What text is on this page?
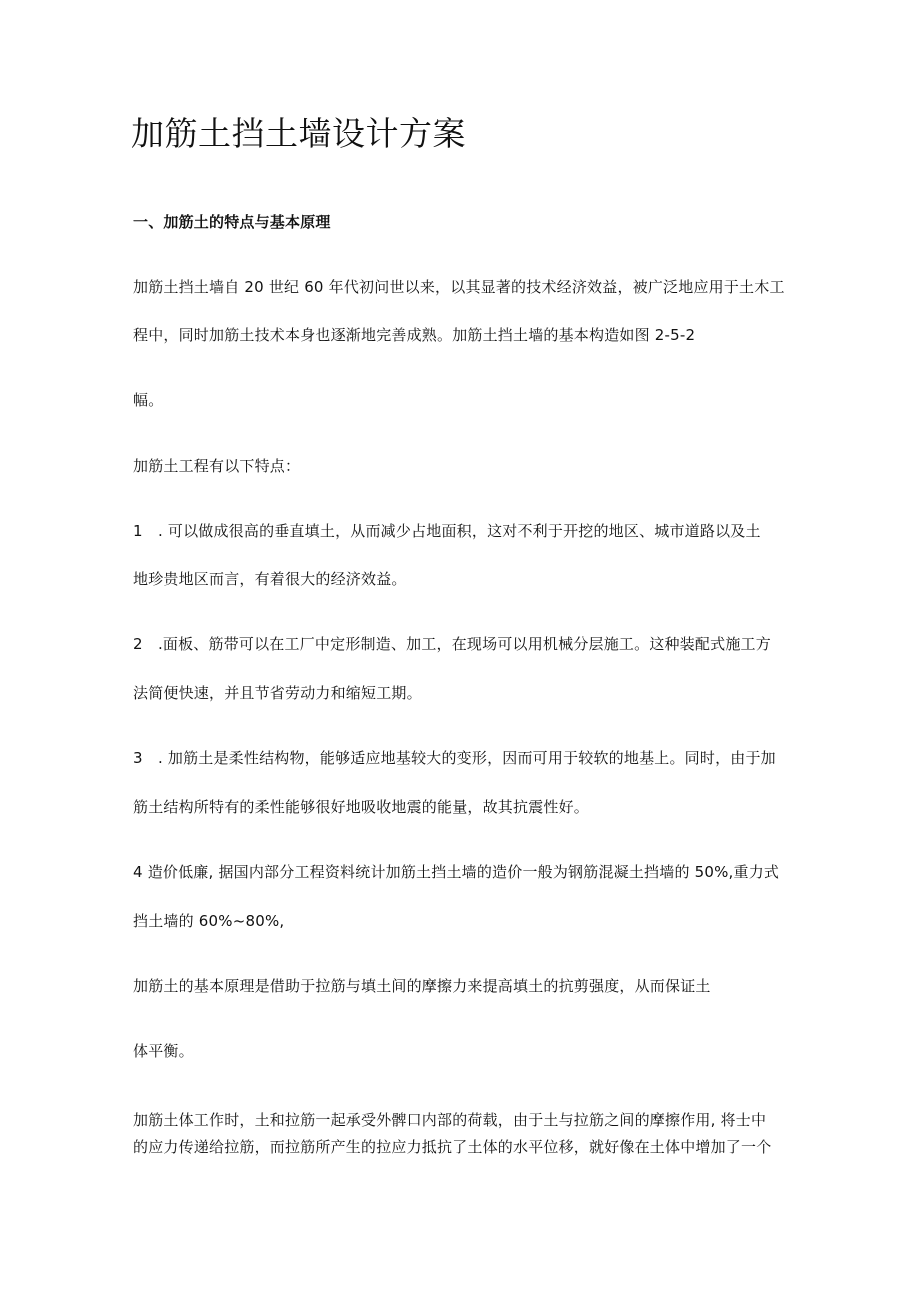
加筋土挡土墙设计方案
一、加筋土的特点与基本原理
加筋土挡土墙自 20 世纪 60 年代初问世以来，以其显著的技术经济效益，被广泛地应用于土木工
程中，同时加筋土技术本身也逐渐地完善成熟。加筋土挡土墙的基本构造如图 2-5-2
幅。
加筋土工程有以下特点：
1　. 可以做成很高的垂直填土，从而减少占地面积，这对不利于开挖的地区、城市道路以及土
地珍贵地区而言，有着很大的经济效益。
2　.面板、筋带可以在工厂中定形制造、加工，在现场可以用机械分层施工。这种装配式施工方
法简便快速，并且节省劳动力和缩短工期。
3　. 加筋土是柔性结构物，能够适应地基较大的变形，因而可用于较软的地基上。同时，由于加
筋土结构所特有的柔性能够很好地吸收地震的能量，故其抗震性好。
4 造价低廉, 据国内部分工程资料统计加筋土挡土墙的造价一般为钢筋混凝土挡墙的 50%,重力式
挡土墙的 60%~80%,
加筋土的基本原理是借助于拉筋与填土间的摩擦力来提高填土的抗剪强度，从而保证土
体平衡。
加筋土体工作时，土和拉筋一起承受外髀口内部的荷载，由于土与拉筋之间的摩擦作用, 将士中
的应力传递给拉筋，而拉筋所产生的拉应力抵抗了土体的水平位移，就好像在土体中增加了一个
